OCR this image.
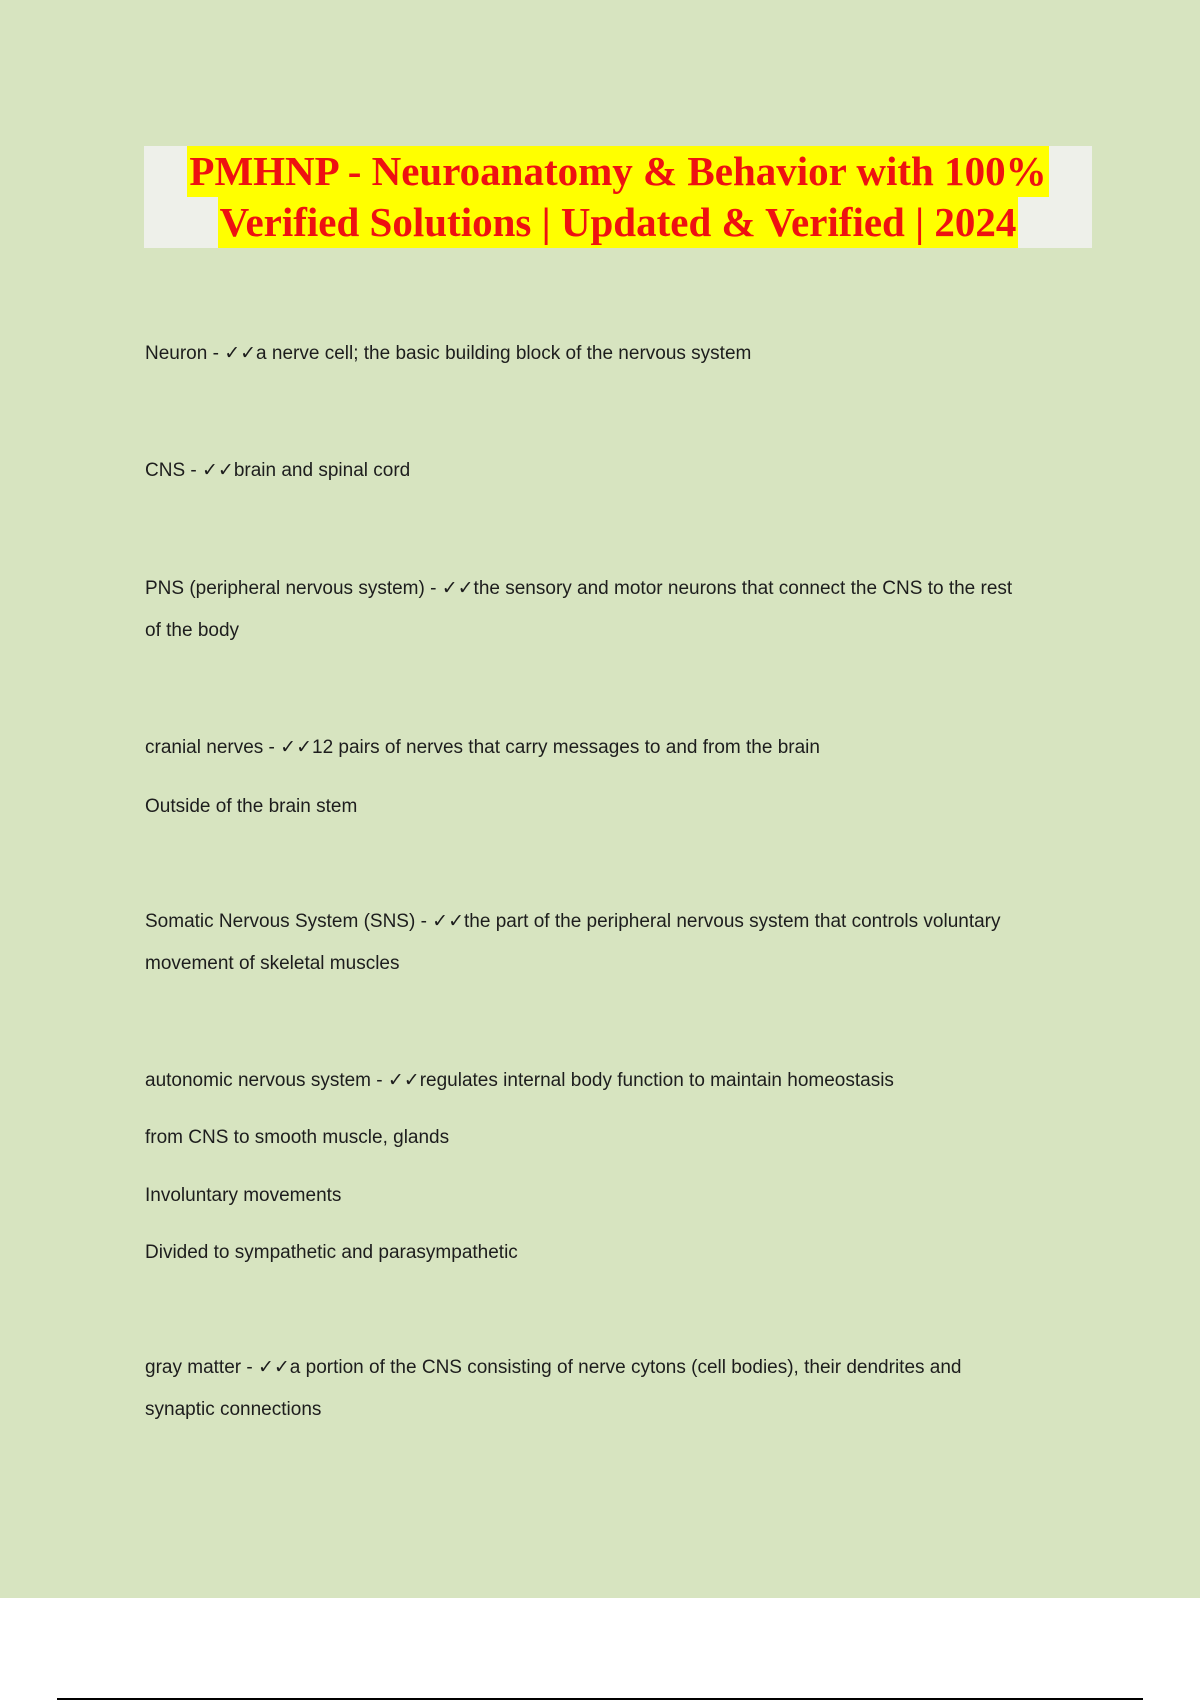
PMHNP - Neuroanatomy & Behavior with 100%
Verified Solutions | Updated & Verified | 2024
Neuron - ✓✓a nerve cell; the basic building block of the nervous system
CNS - ✓✓brain and spinal cord
PNS (peripheral nervous system) - ✓✓the sensory and motor neurons that connect the CNS to the rest
of the body
cranial nerves - ✓✓12 pairs of nerves that carry messages to and from the brain
Outside of the brain stem
Somatic Nervous System (SNS) - ✓✓the part of the peripheral nervous system that controls voluntary
movement of skeletal muscles
autonomic nervous system - ✓✓regulates internal body function to maintain homeostasis
from CNS to smooth muscle, glands
Involuntary movements
Divided to sympathetic and parasympathetic
gray matter - ✓✓a portion of the CNS consisting of nerve cytons (cell bodies), their dendrites and
synaptic connections
